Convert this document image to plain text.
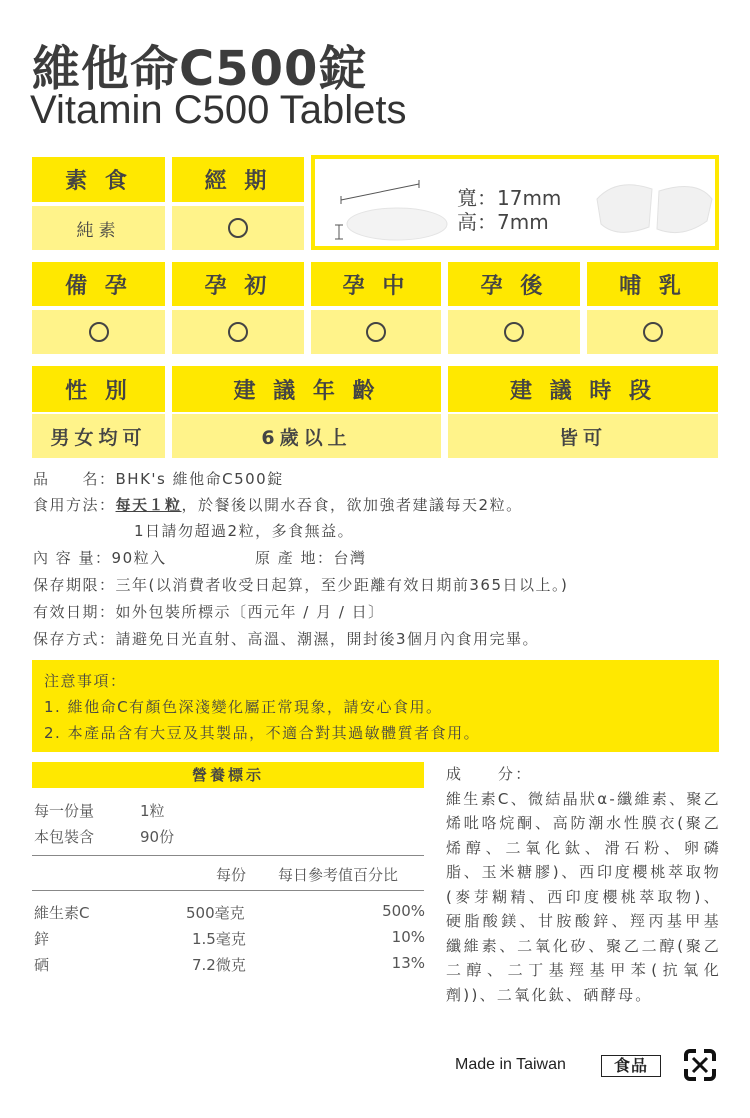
維他命C500錠
Vitamin C500 Tablets
素 食
純素
經 期
寬：17mm
高：7mm
備 孕	孕 初	孕 中	孕 後	哺 乳
性 別	建 議 年 齡	建 議 時 段
男女均可	6歲以上	皆可
品　　名：BHK's 維他命C500錠
食用方法：每天１粒，於餐後以開水吞食，欲加強者建議每天2粒。
1日請勿超過2粒，多食無益。
內 容 量：90粒入	原 產 地：台灣
保存期限：三年(以消費者收受日起算，至少距離有效日期前365日以上。)
有效日期：如外包裝所標示〔西元年 / 月 / 日〕
保存方式：請避免日光直射、高溫、潮濕，開封後3個月內食用完畢。
注意事項：
1. 維他命C有顏色深淺變化屬正常現象，請安心食用。
2. 本產品含有大豆及其製品，不適合對其過敏體質者食用。
營養標示
每一份量	1粒
本包裝含	90份
每份 每日參考值百分比
維生素C	500毫克	500%
鋅	1.5毫克	10%
硒	7.2微克	13%
成　　分：
維生素C、微結晶狀α-纖維素、聚乙烯吡咯烷酮、高防潮水性膜衣(聚乙烯醇、二氧化鈦、滑石粉、卵磷脂、玉米糖膠)、西印度櫻桃萃取物(麥芽糊精、西印度櫻桃萃取物)、硬脂酸鎂、甘胺酸鋅、羥丙基甲基纖維素、二氧化矽、聚乙二醇(聚乙二醇、二丁基羥基甲苯(抗氧化劑))、二氧化鈦、硒酵母。
Made in Taiwan	食品
